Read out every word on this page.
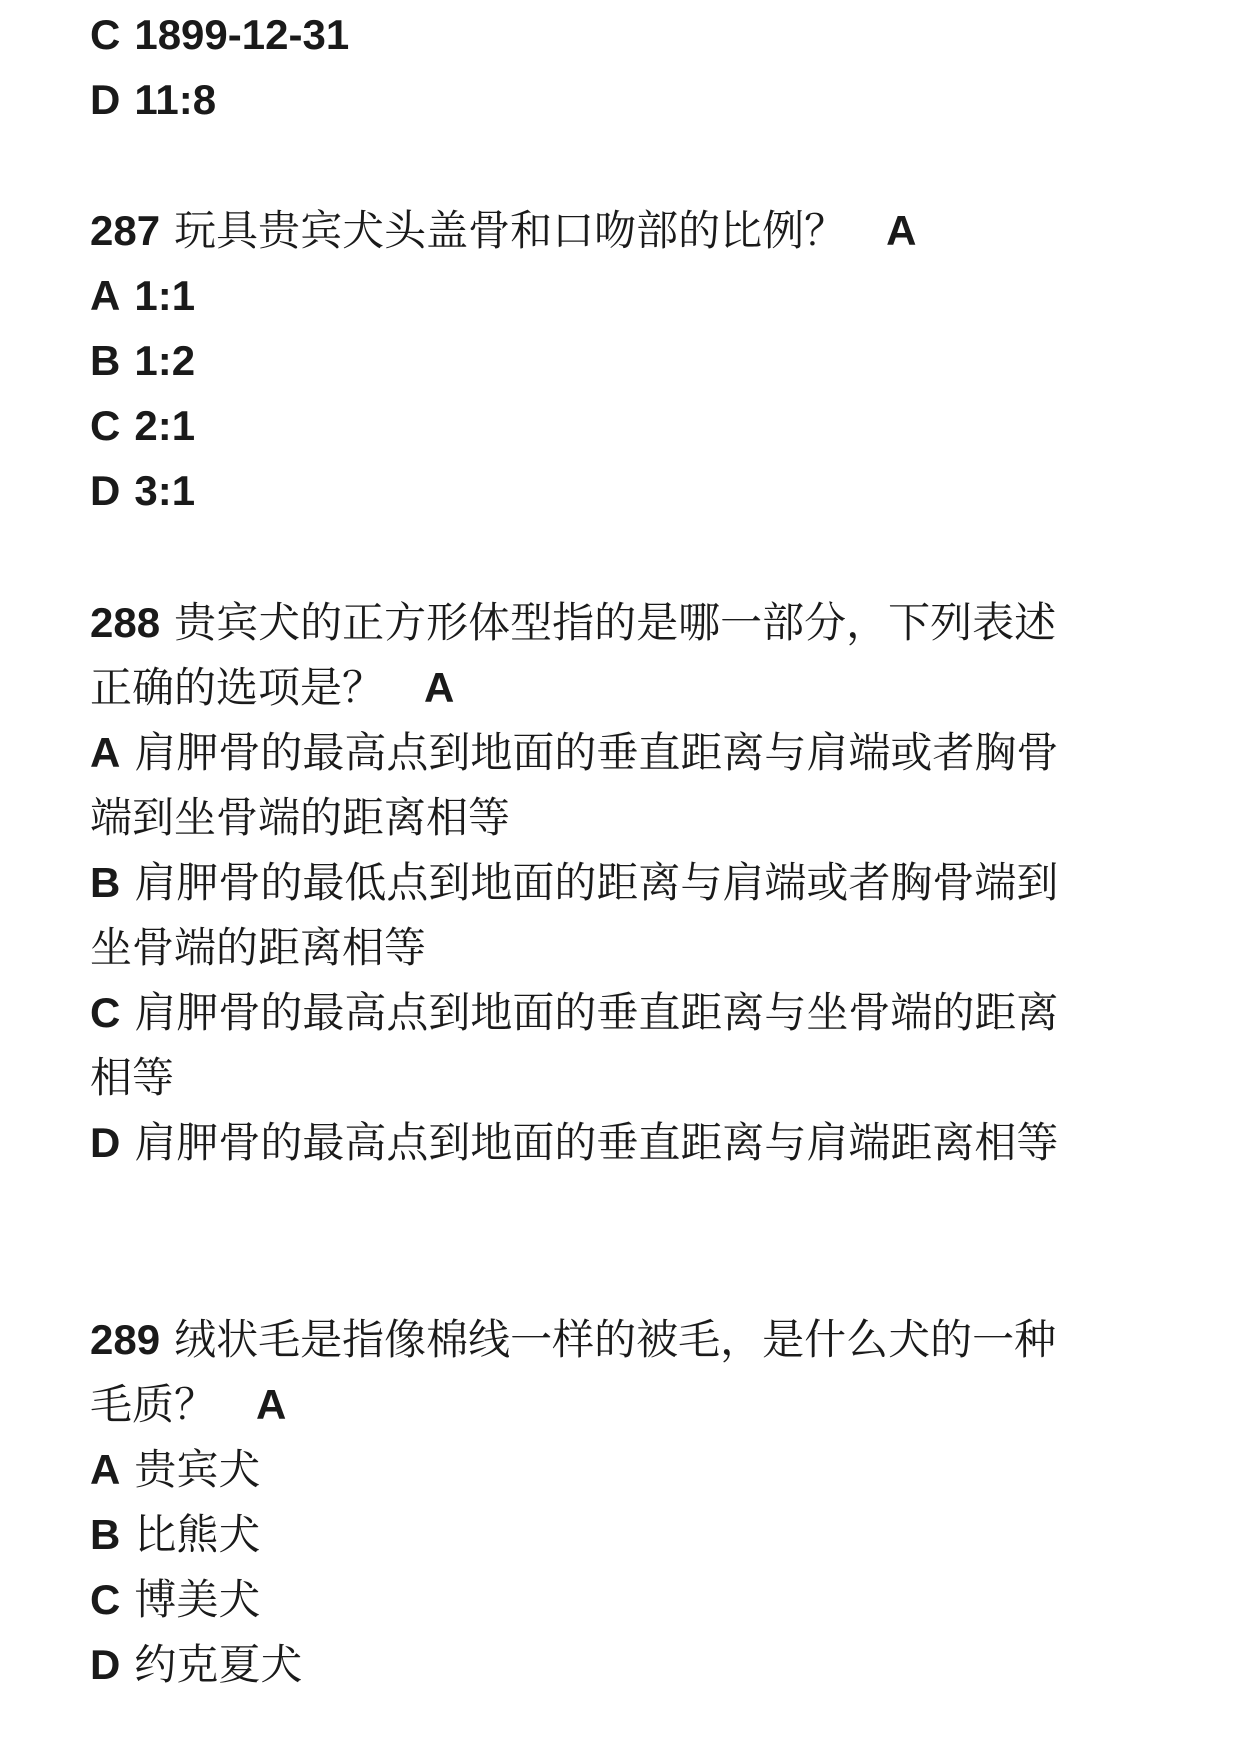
C 1899-12-31
D 11:8
287 玩具贵宾犬头盖骨和口吻部的比例？ A
A 1:1
B 1:2
C 2:1
D 3:1
288 贵宾犬的正方形体型指的是哪一部分，下列表述
正确的选项是？ A
A 肩胛骨的最高点到地面的垂直距离与肩端或者胸骨
端到坐骨端的距离相等
B 肩胛骨的最低点到地面的距离与肩端或者胸骨端到
坐骨端的距离相等
C 肩胛骨的最高点到地面的垂直距离与坐骨端的距离
相等
D 肩胛骨的最高点到地面的垂直距离与肩端距离相等
289 绒状毛是指像棉线一样的被毛，是什么犬的一种
毛质？ A
A 贵宾犬
B 比熊犬
C 博美犬
D 约克夏犬
